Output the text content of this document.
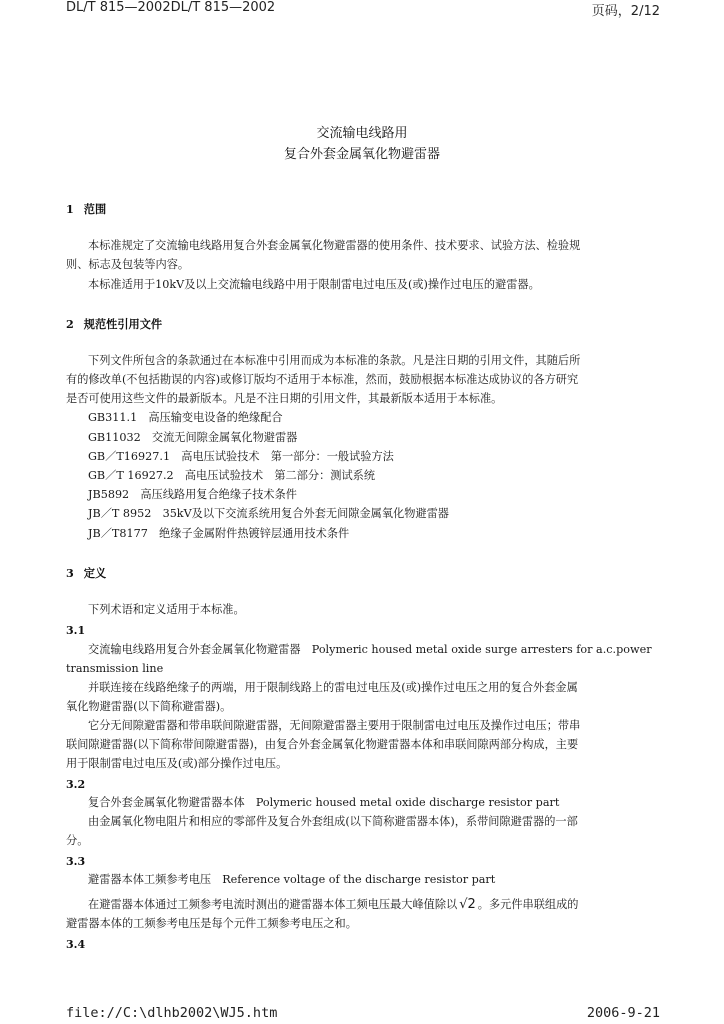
DL/T 815—2002DL/T 815—2002	页码，2/12
交流输电线路用
复合外套金属氧化物避雷器
1 范围
本标准规定了交流输电线路用复合外套金属氧化物避雷器的使用条件、技术要求、试验方法、检验规
则、标志及包装等内容。
本标准适用于10kV及以上交流输电线路中用于限制雷电过电压及(或)操作过电压的避雷器。
2 规范性引用文件
下列文件所包含的条款通过在本标准中引用而成为本标准的条款。凡是注日期的引用文件，其随后所
有的修改单(不包括勘误的内容)或修订版均不适用于本标准，然而，鼓励根据本标准达成协议的各方研究
是否可使用这些文件的最新版本。凡是不注日期的引用文件，其最新版本适用于本标准。
GB311.1　高压输变电设备的绝缘配合
GB11032　交流无间隙金属氧化物避雷器
GB／T16927.1　高电压试验技术　第一部分：一般试验方法
GB／T 16927.2　高电压试验技术　第二部分：测试系统
JB5892　高压线路用复合绝缘子技术条件
JB／T 8952　35kV及以下交流系统用复合外套无间隙金属氧化物避雷器
JB／T8177　绝缘子金属附件热镀锌层通用技术条件
3 定义
下列术语和定义适用于本标准。
3.1
交流输电线路用复合外套金属氧化物避雷器　Polymeric housed metal oxide surge arresters for a.c.power
transmission line
并联连接在线路绝缘子的两端，用于限制线路上的雷电过电压及(或)操作过电压之用的复合外套金属
氧化物避雷器(以下简称避雷器)。
它分无间隙避雷器和带串联间隙避雷器，无间隙避雷器主要用于限制雷电过电压及操作过电压；带串
联间隙避雷器(以下简称带间隙避雷器)，由复合外套金属氧化物避雷器本体和串联间隙两部分构成，主要
用于限制雷电过电压及(或)部分操作过电压。
3.2
复合外套金属氧化物避雷器本体　Polymeric housed metal oxide discharge resistor part
由金属氧化物电阻片和相应的零部件及复合外套组成(以下简称避雷器本体)，系带间隙避雷器的一部
分。
3.3
避雷器本体工频参考电压　Reference voltage of the discharge resistor part
在避雷器本体通过工频参考电流时测出的避雷器本体工频电压最大峰值除以 √2 。多元件串联组成的
避雷器本体的工频参考电压是每个元件工频参考电压之和。
3.4
file://C:\dlhb2002\WJ5.htm	2006-9-21
